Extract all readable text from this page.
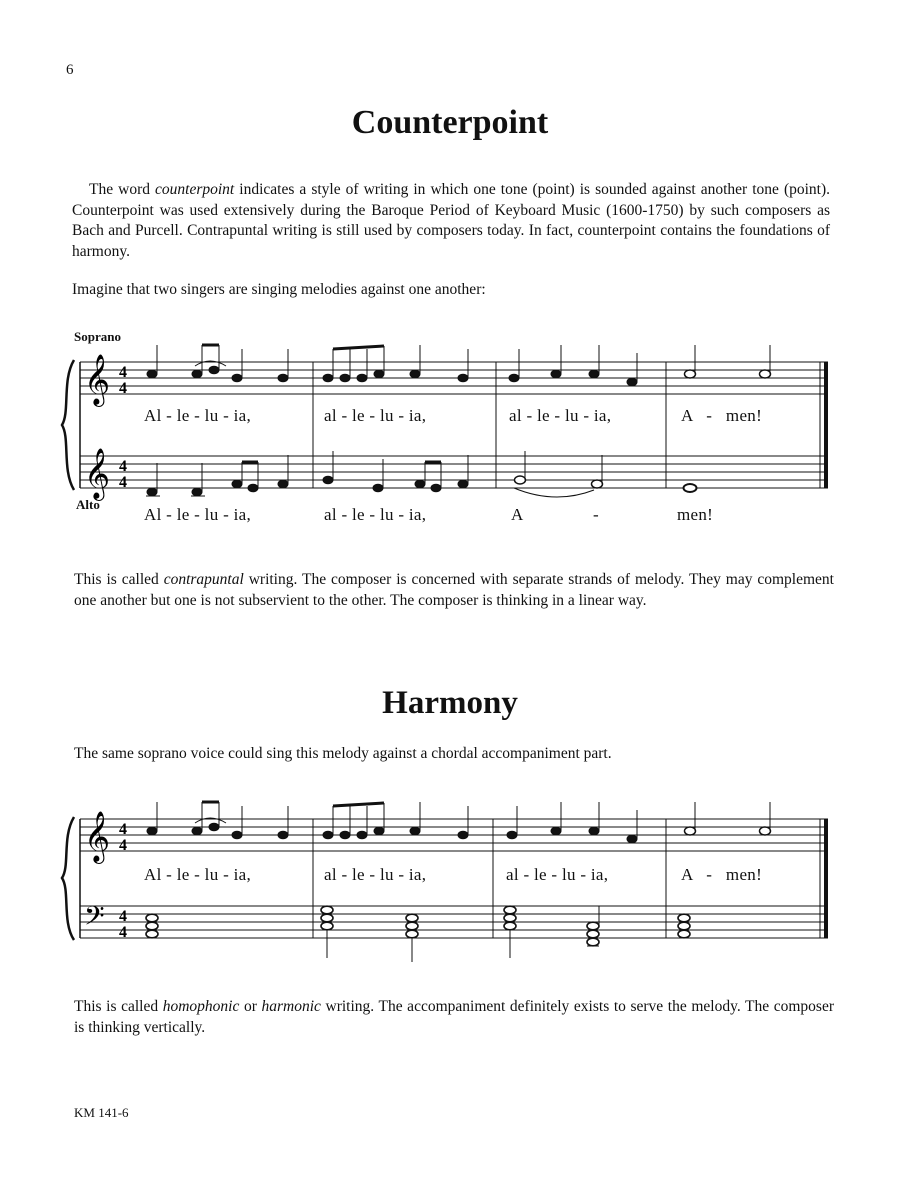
6
Counterpoint
The word counterpoint indicates a style of writing in which one tone (point) is sounded against another tone (point). Counterpoint was used extensively during the Baroque Period of Keyboard Music (1600-1750) by such composers as Bach and Purcell. Contrapuntal writing is still used by composers today. In fact, counterpoint contains the foundations of harmony.
Imagine that two singers are singing melodies against one another:
Soprano
Alto
𝄞
𝄞
4
4
4
4
Al - le - lu - ia,	al - le - lu - ia,	al - le - lu - ia,	A - men!
Al - le - lu - ia,	al - le - lu - ia,	A	-	men!
This is called contrapuntal writing. The composer is concerned with separate strands of melody. They may complement one another but one is not subservient to the other. The composer is thinking in a linear way.
Harmony
The same soprano voice could sing this melody against a chordal accompaniment part.
𝄞
𝄢
4
4
4
4
Al - le - lu - ia,	al - le - lu - ia,	al - le - lu - ia,	A - men!
This is called homophonic or harmonic writing. The accompaniment definitely exists to serve the melody. The composer is thinking vertically.
KM 141-6
